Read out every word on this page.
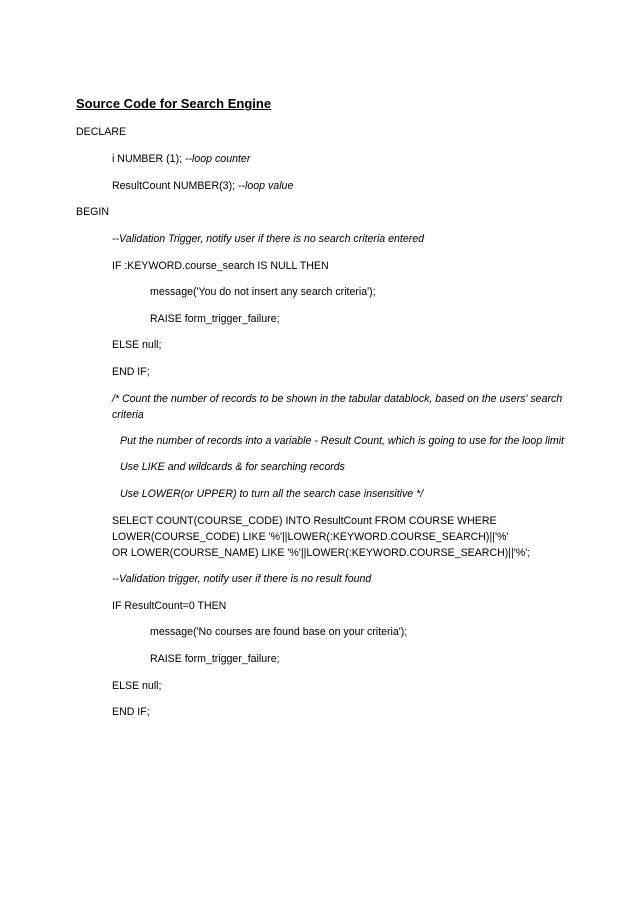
Source Code for Search Engine
DECLARE
i NUMBER (1); --loop counter
ResultCount NUMBER(3); --loop value
BEGIN
--Validation Trigger, notify user if there is no search criteria entered
IF :KEYWORD.course_search IS NULL THEN
message('You do not insert any search criteria');
RAISE form_trigger_failure;
ELSE null;
END IF;
/* Count the number of records to be shown in the tabular datablock, based on the users' search criteria
Put the number of records into a variable - Result Count, which is going to use for the loop limit
Use LIKE and wildcards & for searching records
Use LOWER(or UPPER) to turn all the search case insensitive */
SELECT COUNT(COURSE_CODE) INTO ResultCount FROM COURSE WHERE
LOWER(COURSE_CODE) LIKE '%'||LOWER(:KEYWORD.COURSE_SEARCH)||'%'
OR LOWER(COURSE_NAME) LIKE '%'||LOWER(:KEYWORD.COURSE_SEARCH)||'%';
--Validation trigger, notify user if there is no result found
IF ResultCount=0 THEN
message('No courses are found base on your criteria');
RAISE form_trigger_failure;
ELSE null;
END IF;
